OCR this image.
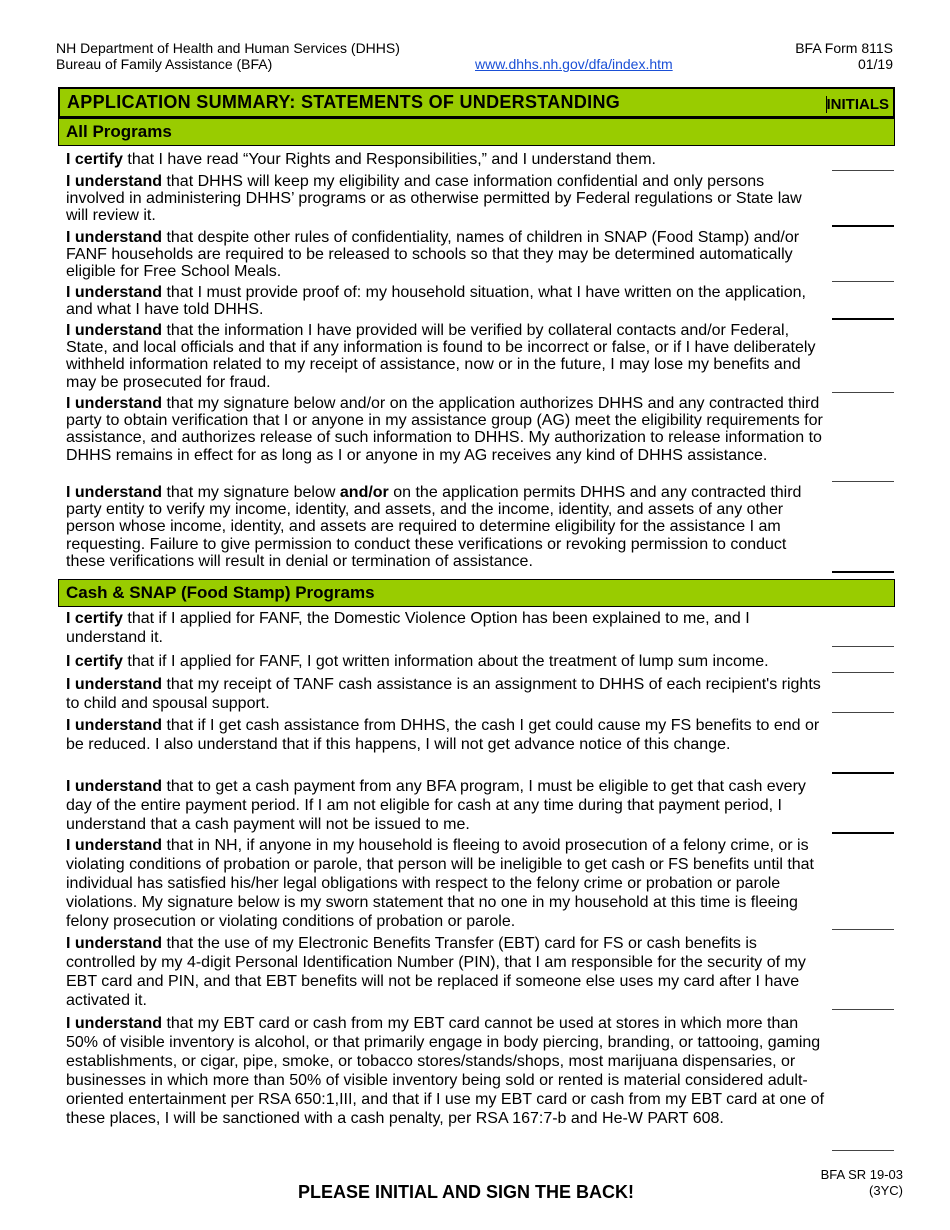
NH Department of Health and Human Services (DHHS)
Bureau of Family Assistance (BFA)	www.dhhs.nh.gov/dfa/index.htm
BFA Form 811S
01/19
APPLICATION SUMMARY: STATEMENTS OF UNDERSTANDING	INITIALS
All Programs
I certify that I have read “Your Rights and Responsibilities,” and I understand them.
I understand that DHHS will keep my eligibility and case information confidential and only persons involved in administering DHHS’ programs or as otherwise permitted by Federal regulations or State law will review it.
I understand that despite other rules of confidentiality, names of children in SNAP (Food Stamp) and/or FANF households are required to be released to schools so that they may be determined automatically eligible for Free School Meals.
I understand that I must provide proof of: my household situation, what I have written on the application, and what I have told DHHS.
I understand that the information I have provided will be verified by collateral contacts and/or Federal, State, and local officials and that if any information is found to be incorrect or false, or if I have deliberately withheld information related to my receipt of assistance, now or in the future, I may lose my benefits and may be prosecuted for fraud.
I understand that my signature below and/or on the application authorizes DHHS and any contracted third party to obtain verification that I or anyone in my assistance group (AG) meet the eligibility requirements for assistance, and authorizes release of such information to DHHS. My authorization to release information to DHHS remains in effect for as long as I or anyone in my AG receives any kind of DHHS assistance.
I understand that my signature below and/or on the application permits DHHS and any contracted third party entity to verify my income, identity, and assets, and the income, identity, and assets of any other person whose income, identity, and assets are required to determine eligibility for the assistance I am requesting. Failure to give permission to conduct these verifications or revoking permission to conduct these verifications will result in denial or termination of assistance.
Cash & SNAP (Food Stamp) Programs
I certify that if I applied for FANF, the Domestic Violence Option has been explained to me, and I understand it.
I certify that if I applied for FANF, I got written information about the treatment of lump sum income.
I understand that my receipt of TANF cash assistance is an assignment to DHHS of each recipient's rights to child and spousal support.
I understand that if I get cash assistance from DHHS, the cash I get could cause my FS benefits to end or be reduced. I also understand that if this happens, I will not get advance notice of this change.
I understand that to get a cash payment from any BFA program, I must be eligible to get that cash every day of the entire payment period. If I am not eligible for cash at any time during that payment period, I understand that a cash payment will not be issued to me.
I understand that in NH, if anyone in my household is fleeing to avoid prosecution of a felony crime, or is violating conditions of probation or parole, that person will be ineligible to get cash or FS benefits until that individual has satisfied his/her legal obligations with respect to the felony crime or probation or parole violations. My signature below is my sworn statement that no one in my household at this time is fleeing felony prosecution or violating conditions of probation or parole.
I understand that the use of my Electronic Benefits Transfer (EBT) card for FS or cash benefits is controlled by my 4-digit Personal Identification Number (PIN), that I am responsible for the security of my EBT card and PIN, and that EBT benefits will not be replaced if someone else uses my card after I have activated it.
I understand that my EBT card or cash from my EBT card cannot be used at stores in which more than 50% of visible inventory is alcohol, or that primarily engage in body piercing, branding, or tattooing, gaming establishments, or cigar, pipe, smoke, or tobacco stores/stands/shops, most marijuana dispensaries, or businesses in which more than 50% of visible inventory being sold or rented is material considered adult-oriented entertainment per RSA 650:1,III, and that if I use my EBT card or cash from my EBT card at one of these places, I will be sanctioned with a cash penalty, per RSA 167:7-b and He-W PART 608.
BFA SR 19-03
(3YC)
PLEASE INITIAL AND SIGN THE BACK!
